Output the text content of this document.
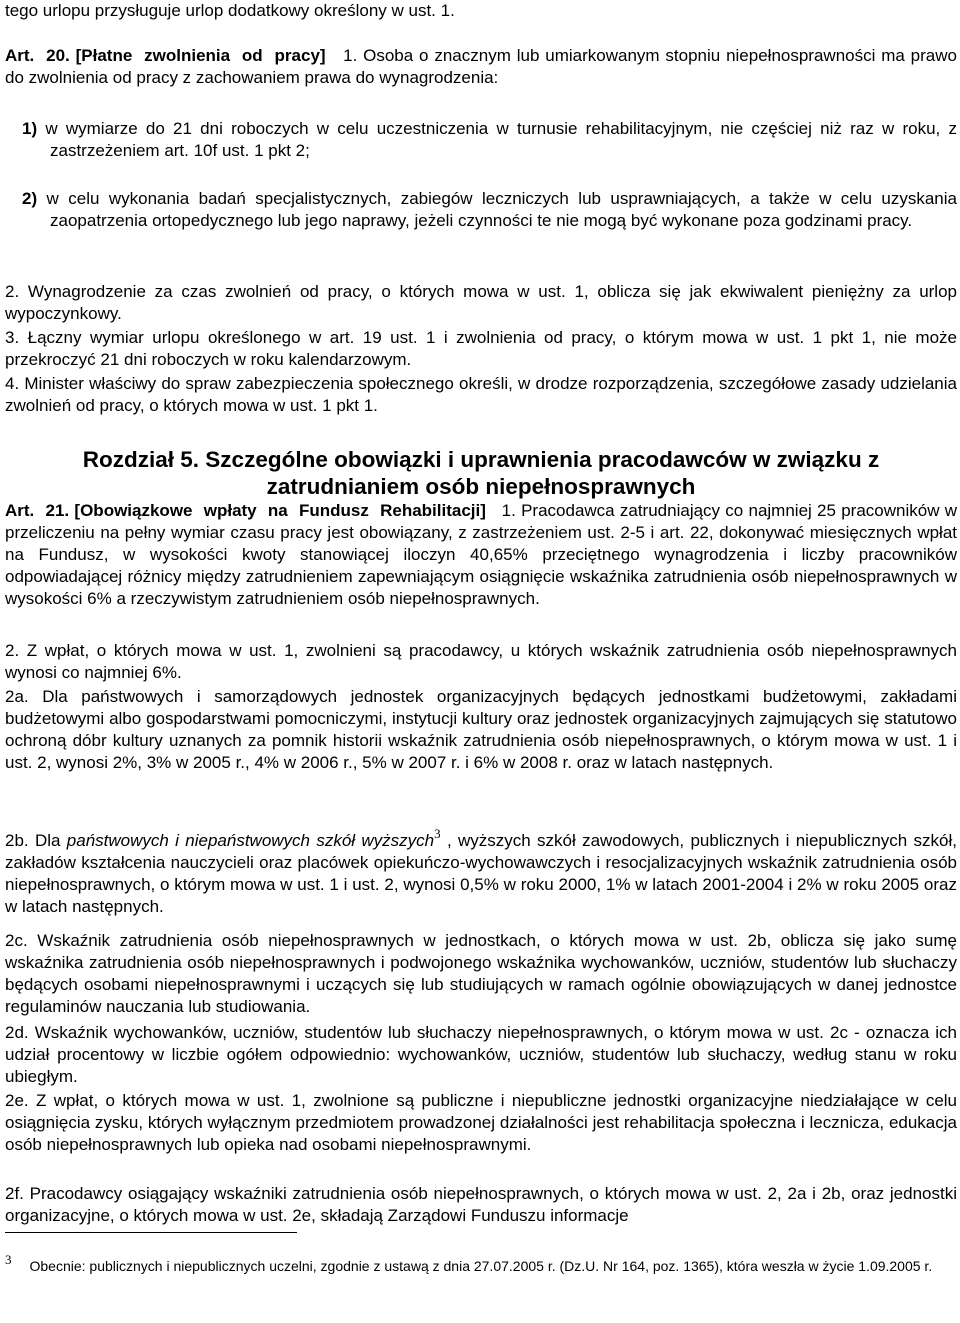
tego urlopu przysługuje urlop dodatkowy określony w ust. 1.

Art. 20. [Płatne zwolnienia od pracy] 1. Osoba o znacznym lub umiarkowanym stopniu niepełnosprawności ma prawo do zwolnienia od pracy z zachowaniem prawa do wynagrodzenia:

1) w wymiarze do 21 dni roboczych w celu uczestniczenia w turnusie rehabilitacyjnym, nie częściej niż raz w roku, z zastrzeżeniem art. 10f ust. 1 pkt 2;
2) w celu wykonania badań specjalistycznych, zabiegów leczniczych lub usprawniających, a także w celu uzyskania zaopatrzenia ortopedycznego lub jego naprawy, jeżeli czynności te nie mogą być wykonane poza godzinami pracy.

2. Wynagrodzenie za czas zwolnień od pracy, o których mowa w ust. 1, oblicza się jak ekwiwalent pieniężny za urlop wypoczynkowy.

3. Łączny wymiar urlopu określonego w art. 19 ust. 1 i zwolnienia od pracy, o którym mowa w ust. 1 pkt 1, nie może przekroczyć 21 dni roboczych w roku kalendarzowym.

4. Minister właściwy do spraw zabezpieczenia społecznego określi, w drodze rozporządzenia, szczegółowe zasady udzielania zwolnień od pracy, o których mowa w ust. 1 pkt 1.

Rozdział 5. Szczególne obowiązki i uprawnienia pracodawców w związku z
zatrudnianiem osób niepełnosprawnych

Art. 21. [Obowiązkowe wpłaty na Fundusz Rehabilitacji] 1. Pracodawca zatrudniający co najmniej 25 pracowników w przeliczeniu na pełny wymiar czasu pracy jest obowiązany, z zastrzeżeniem ust. 2-5 i art. 22, dokonywać miesięcznych wpłat na Fundusz, w wysokości kwoty stanowiącej iloczyn 40,65% przeciętnego wynagrodzenia i liczby pracowników odpowiadającej różnicy między zatrudnieniem zapewniającym osiągnięcie wskaźnika zatrudnienia osób niepełnosprawnych w wysokości 6% a rzeczywistym zatrudnieniem osób niepełnosprawnych.

2. Z wpłat, o których mowa w ust. 1, zwolnieni są pracodawcy, u których wskaźnik zatrudnienia osób niepełnosprawnych wynosi co najmniej 6%.

2a. Dla państwowych i samorządowych jednostek organizacyjnych będących jednostkami budżetowymi, zakładami budżetowymi albo gospodarstwami pomocniczymi, instytucji kultury oraz jednostek organizacyjnych zajmujących się statutowo ochroną dóbr kultury uznanych za pomnik historii wskaźnik zatrudnienia osób niepełnosprawnych, o którym mowa w ust. 1 i ust. 2, wynosi 2%, 3% w 2005 r., 4% w 2006 r., 5% w 2007 r. i 6% w 2008 r. oraz w latach następnych.

2b. Dla państwowych i niepaństwowych szkół wyższych$^3$ , wyższych szkół zawodowych, publicznych i niepublicznych szkół, zakładów kształcenia nauczycieli oraz placówek opiekuńczo-wychowawczych i resocjalizacyjnych wskaźnik zatrudnienia osób niepełnosprawnych, o którym mowa w ust. 1 i ust. 2, wynosi 0,5% w roku 2000, 1% w latach 2001-2004 i 2% w roku 2005 oraz w latach następnych.

2c. Wskaźnik zatrudnienia osób niepełnosprawnych w jednostkach, o których mowa w ust. 2b, oblicza się jako sumę wskaźnika zatrudnienia osób niepełnosprawnych i podwojonego wskaźnika wychowanków, uczniów, studentów lub słuchaczy będących osobami niepełnosprawnymi i uczących się lub studiujących w ramach ogólnie obowiązujących w danej jednostce regulaminów nauczania lub studiowania.

2d. Wskaźnik wychowanków, uczniów, studentów lub słuchaczy niepełnosprawnych, o którym mowa w ust. 2c - oznacza ich udział procentowy w liczbie ogółem odpowiednio: wychowanków, uczniów, studentów lub słuchaczy, według stanu w roku ubiegłym.

2e. Z wpłat, o których mowa w ust. 1, zwolnione są publiczne i niepubliczne jednostki organizacyjne niedziałające w celu osiągnięcia zysku, których wyłącznym przedmiotem prowadzonej działalności jest rehabilitacja społeczna i lecznicza, edukacja osób niepełnosprawnych lub opieka nad osobami niepełnosprawnymi.

2f. Pracodawcy osiągający wskaźniki zatrudnienia osób niepełnosprawnych, o których mowa w ust. 2, 2a i 2b, oraz jednostki organizacyjne, o których mowa w ust. 2e, składają Zarządowi Funduszu informacje

3 Obecnie: publicznych i niepublicznych uczelni, zgodnie z ustawą z dnia 27.07.2005 r. (Dz.U. Nr 164, poz. 1365), która weszła w życie 1.09.2005 r.
